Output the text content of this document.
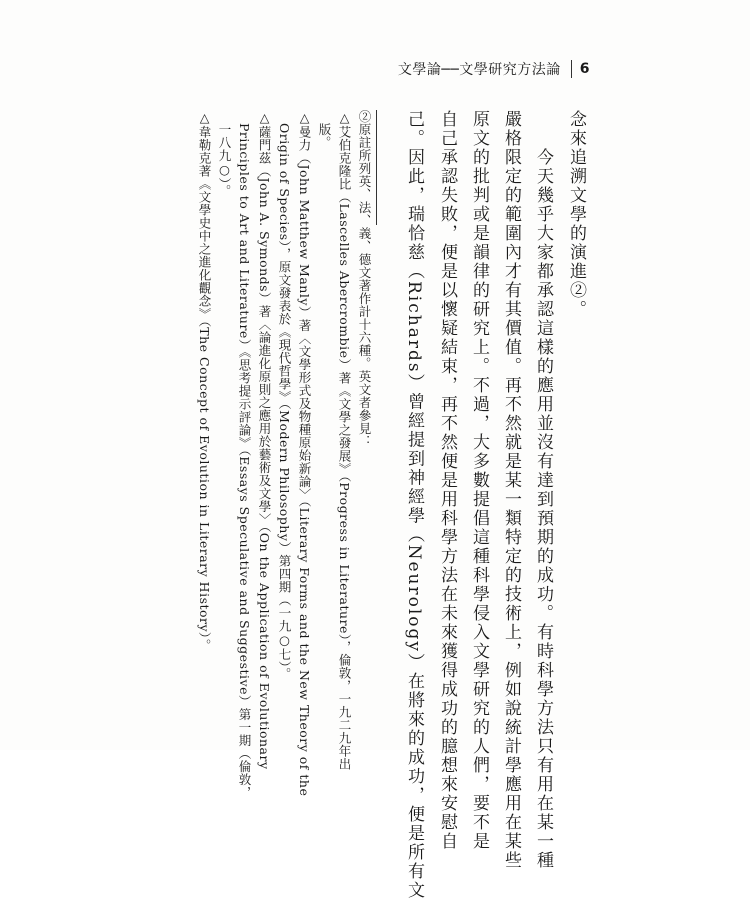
文學論──文學研究方法論 6
念來追溯文學的演進②。
　　今天幾乎大家都承認這樣的應用並沒有達到預期的成功。有時科學方法只有用在某一種
嚴格限定的範圍內才有其價值。再不然就是某一類特定的技術上，例如說統計學應用在某些
原文的批判或是韻律的研究上。不過，大多數提倡這種科學侵入文學研究的人們，要不是
自己承認失敗，便是以懷疑結束，再不然便是用科學方法在未來獲得成功的臆想來安慰自
己。因此，瑞恰慈（Richards）曾經提到神經學（Neurology）在將來的成功，便是所有文
②原註所列英、法、義、德文著作計十六種。英文者參見：
△艾伯克隆比（Lascelles Abercrombie）著《文學之發展》（Progress in Literature），倫敦，一九二九年出
　版。
△曼力（John Matthew Manly）著〈文學形式及物種原始新論〉（Literary Forms and the New Theory of the
　Origin of Species），原文發表於《現代哲學》（Modern Philosophy）第四期（一九○七）。
△薩門茲（John A. Symonds）著〈論進化原則之應用於藝術及文學〉（On the Application of Evolutionary
　Principles to Art and Literature）《思考提示評論》（Essays Speculative and Suggestive）第一期（倫敦，
　一八九○）。
△韋勒克著《文學史中之進化觀念》（The Concept of Evolution in Literary History）。
